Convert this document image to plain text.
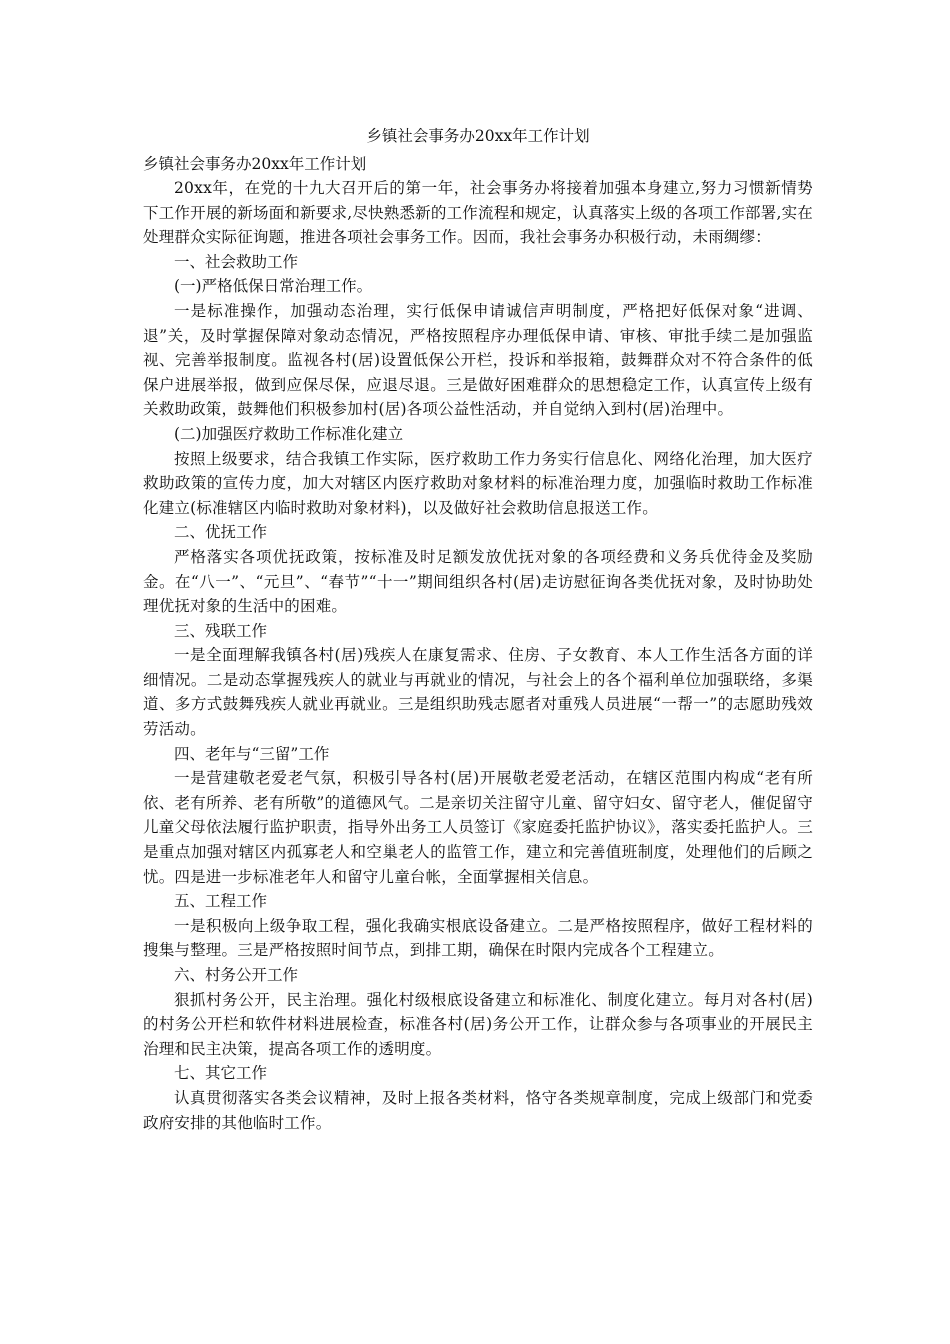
乡镇社会事务办20xx年工作计划

乡镇社会事务办20xx年工作计划

20xx年，在党的十九大召开后的第一年，社会事务办将接着加强本身建立,努力习惯新情势下工作开展的新场面和新要求,尽快熟悉新的工作流程和规定，认真落实上级的各项工作部署,实在处理群众实际征询题，推进各项社会事务工作。因而，我社会事务办积极行动，未雨绸缪：

一、社会救助工作

(一)严格低保日常治理工作。

一是标准操作，加强动态治理，实行低保申请诚信声明制度，严格把好低保对象“进调、退”关，及时掌握保障对象动态情况，严格按照程序办理低保申请、审核、审批手续二是加强监视、完善举报制度。监视各村(居)设置低保公开栏，投诉和举报箱，鼓舞群众对不符合条件的低保户进展举报，做到应保尽保，应退尽退。三是做好困难群众的思想稳定工作，认真宣传上级有关救助政策，鼓舞他们积极参加村(居)各项公益性活动，并自觉纳入到村(居)治理中。

(二)加强医疗救助工作标准化建立

按照上级要求，结合我镇工作实际，医疗救助工作力务实行信息化、网络化治理，加大医疗救助政策的宣传力度，加大对辖区内医疗救助对象材料的标准治理力度，加强临时救助工作标准化建立(标准辖区内临时救助对象材料)，以及做好社会救助信息报送工作。

二、优抚工作

严格落实各项优抚政策，按标准及时足额发放优抚对象的各项经费和义务兵优待金及奖励金。在“八一”、“元旦”、“春节”“十一”期间组织各村(居)走访慰征询各类优抚对象，及时协助处理优抚对象的生活中的困难。

三、残联工作

一是全面理解我镇各村(居)残疾人在康复需求、住房、子女教育、本人工作生活各方面的详细情况。二是动态掌握残疾人的就业与再就业的情况，与社会上的各个福利单位加强联络，多渠道、多方式鼓舞残疾人就业再就业。三是组织助残志愿者对重残人员进展“一帮一”的志愿助残效劳活动。

四、老年与“三留”工作

一是营建敬老爱老气氛，积极引导各村(居)开展敬老爱老活动，在辖区范围内构成“老有所依、老有所养、老有所敬”的道德风气。二是亲切关注留守儿童、留守妇女、留守老人，催促留守儿童父母依法履行监护职责，指导外出务工人员签订《家庭委托监护协议》，落实委托监护人。三是重点加强对辖区内孤寡老人和空巢老人的监管工作，建立和完善值班制度，处理他们的后顾之忧。四是进一步标准老年人和留守儿童台帐，全面掌握相关信息。

五、工程工作

一是积极向上级争取工程，强化我确实根底设备建立。二是严格按照程序，做好工程材料的搜集与整理。三是严格按照时间节点，到排工期，确保在时限内完成各个工程建立。

六、村务公开工作

狠抓村务公开，民主治理。强化村级根底设备建立和标准化、制度化建立。每月对各村(居)的村务公开栏和软件材料进展检查，标准各村(居)务公开工作，让群众参与各项事业的开展民主治理和民主决策，提高各项工作的透明度。

七、其它工作

认真贯彻落实各类会议精神，及时上报各类材料，恪守各类规章制度，完成上级部门和党委政府安排的其他临时工作。
